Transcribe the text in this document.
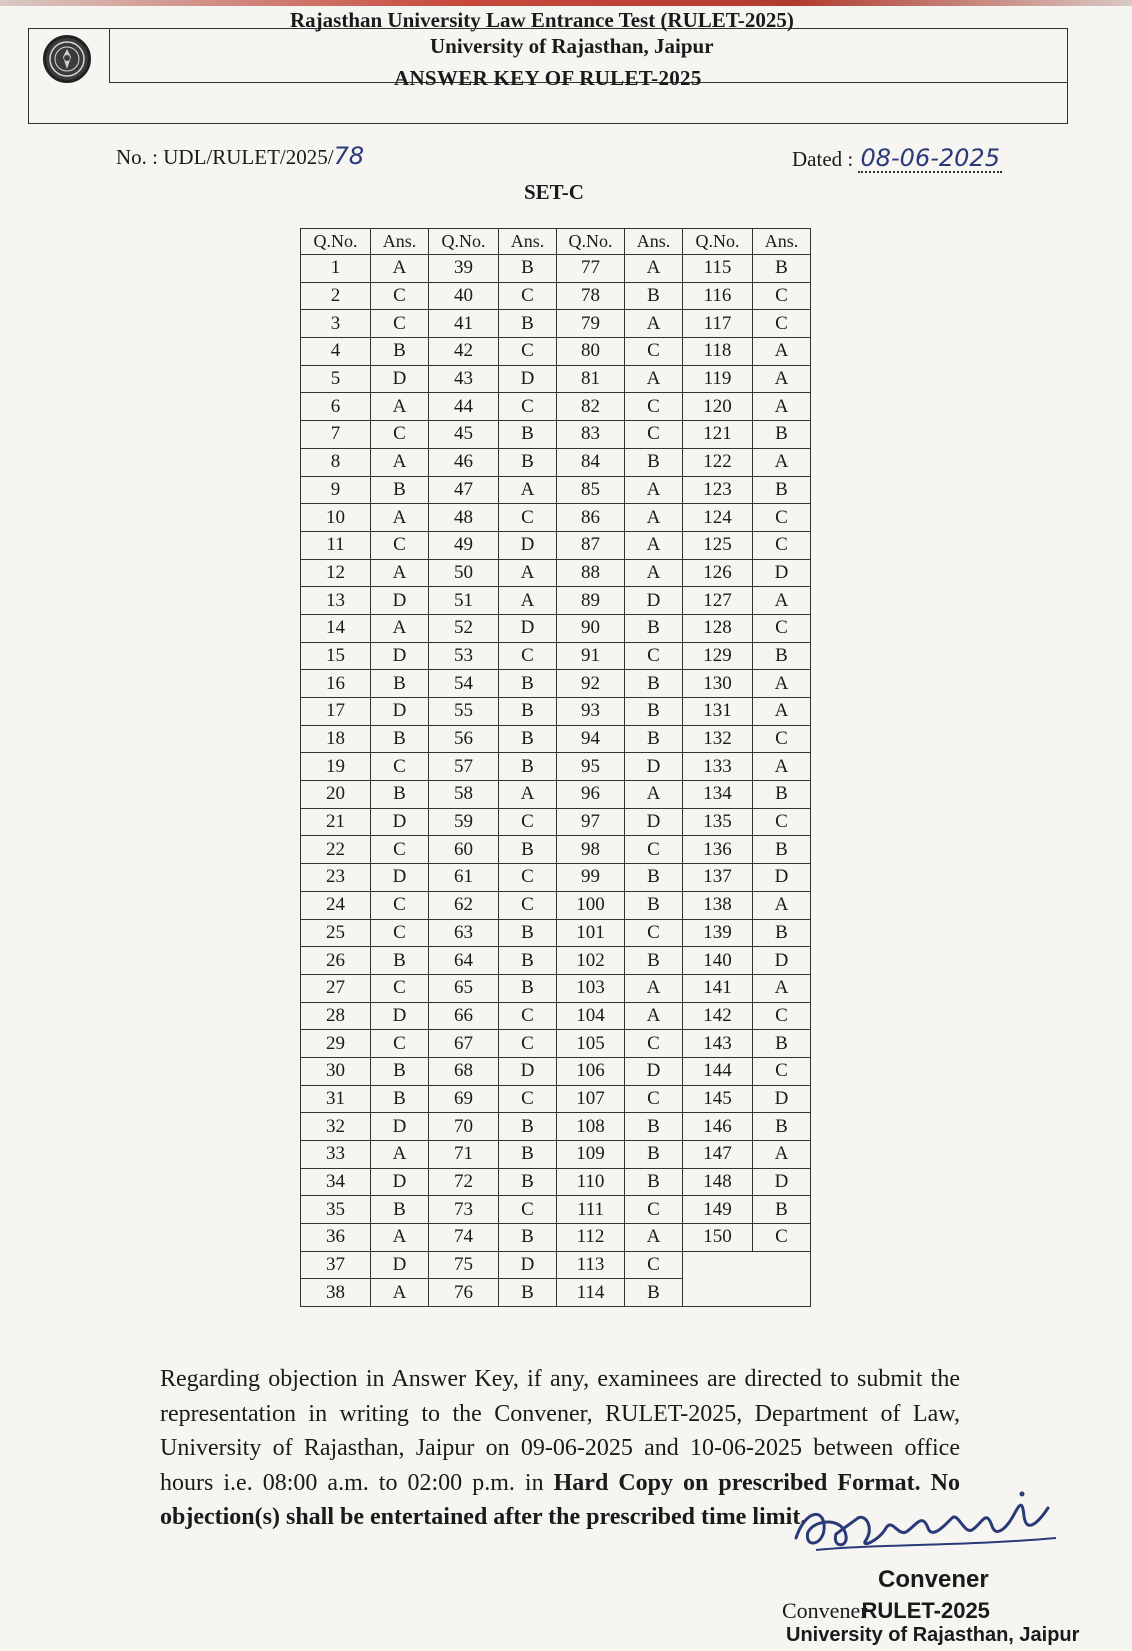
Rajasthan University Law Entrance Test (RULET-2025)
University of Rajasthan, Jaipur
ANSWER KEY OF RULET-2025
No. : UDL/RULET/2025/78	Dated : 08-06-2025
SET-C
Q.No.	Ans.	Q.No.	Ans.	Q.No.	Ans.	Q.No.	Ans.
1	A	39	B	77	A	115	B
2	C	40	C	78	B	116	C
3	C	41	B	79	A	117	C
4	B	42	C	80	C	118	A
5	D	43	D	81	A	119	A
6	A	44	C	82	C	120	A
7	C	45	B	83	C	121	B
8	A	46	B	84	B	122	A
9	B	47	A	85	A	123	B
10	A	48	C	86	A	124	C
11	C	49	D	87	A	125	C
12	A	50	A	88	A	126	D
13	D	51	A	89	D	127	A
14	A	52	D	90	B	128	C
15	D	53	C	91	C	129	B
16	B	54	B	92	B	130	A
17	D	55	B	93	B	131	A
18	B	56	B	94	B	132	C
19	C	57	B	95	D	133	A
20	B	58	A	96	A	134	B
21	D	59	C	97	D	135	C
22	C	60	B	98	C	136	B
23	D	61	C	99	B	137	D
24	C	62	C	100	B	138	A
25	C	63	B	101	C	139	B
26	B	64	B	102	B	140	D
27	C	65	B	103	A	141	A
28	D	66	C	104	A	142	C
29	C	67	C	105	C	143	B
30	B	68	D	106	D	144	C
31	B	69	C	107	C	145	D
32	D	70	B	108	B	146	B
33	A	71	B	109	B	147	A
34	D	72	B	110	B	148	D
35	B	73	C	111	C	149	B
36	A	74	B	112	A	150	C
37	D	75	D	113	C		
38	A	76	B	114	B		
Regarding objection in Answer Key, if any, examinees are directed to submit the representation in writing to the Convener, RULET-2025, Department of Law, University of Rajasthan, Jaipur on 09-06-2025 and 10-06-2025 between office hours i.e. 08:00 a.m. to 02:00 p.m. in Hard Copy on prescribed Format. No objection(s) shall be entertained after the prescribed time limit.
Convener
ConvenerRULET-2025
University of Rajasthan, Jaipur
